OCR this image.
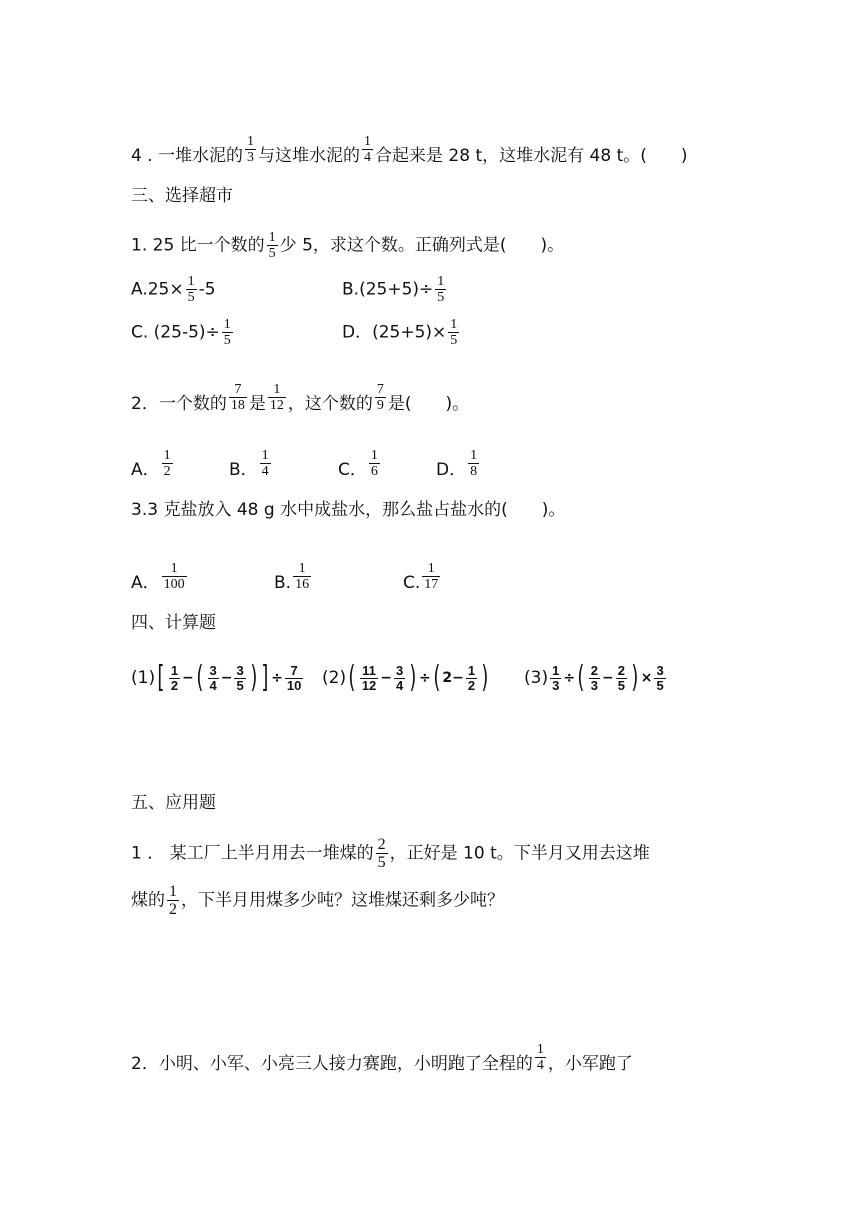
4 . 一堆水泥的 $\frac{1}{3}$ 与这堆水泥的 $\frac{1}{4}$ 合起来是 28 t，这堆水泥有 48 t。(　　)
三、选择超市
1. 25 比一个数的 $\frac{1}{5}$ 少 5，求这个数。正确列式是(　　)。
$A.25\times \frac{1}{5} -5$	$B.(25+5)\div \frac{1}{5}$
C. $(25-5)\div \frac{1}{5}$	D．$(25+5)\times \frac{1}{5}$
2．一个数的 $\frac{7}{18}$ 是 $\frac{1}{12}$ ，这个数的 $\frac{7}{9}$ 是(　　)。
A． $\frac{1}{2}$	B． $\frac{1}{4}$	C． $\frac{1}{6}$	D． $\frac{1}{8}$
3.3 克盐放入 48 g 水中成盐水，那么盐占盐水的(　　)。
A． $\frac{1}{100}$	B. $\frac{1}{16}$	C. $\frac{1}{17}$
四、计算题
$(1)[ \frac{1}{2}$ −( $\frac{3}{4} - \frac{3}{5}$ ) ] ÷ $\frac{7}{10} (2)( \frac{11}{12} - \frac{3}{4}$ ) ÷( $2- \frac{1}{2}$ ) $(3) \frac{1}{3}$ ÷( $\frac{2}{3} - \frac{2}{5}$ ) × $\frac{3}{5}$
五、应用题
1 ． 某工厂上半月用去一堆煤的 $\frac{2}{5}$ ，正好是 10 t。下半月又用去这堆
煤的 $\frac{1}{2}$ ，下半月用煤多少吨？这堆煤还剩多少吨？
2．小明、小军、小亮三人接力赛跑，小明跑了全程的 $\frac{1}{4}$ ，小军跑了
